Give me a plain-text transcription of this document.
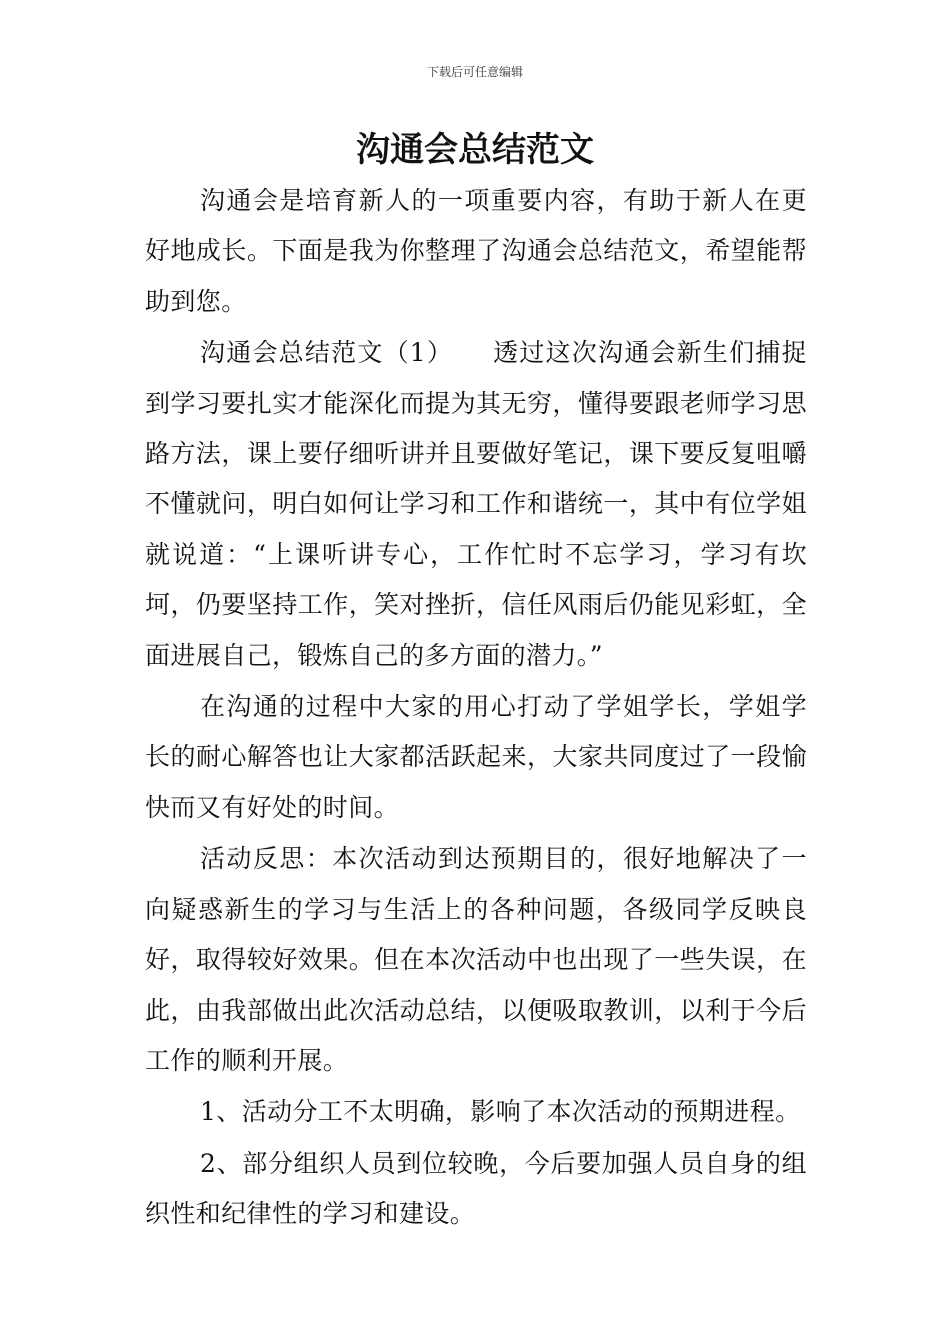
下载后可任意编辑
沟通会总结范文

沟通会是培育新人的一项重要内容，有助于新人在更好地成长。下面是我为你整理了沟通会总结范文，希望能帮助到您。

沟通会总结范文（1）　　透过这次沟通会新生们捕捉到学习要扎实才能深化而提为其无穷，懂得要跟老师学习思路方法，课上要仔细听讲并且要做好笔记，课下要反复咀嚼不懂就问，明白如何让学习和工作和谐统一，其中有位学姐就说道：“上课听讲专心，工作忙时不忘学习，学习有坎坷，仍要坚持工作，笑对挫折，信任风雨后仍能见彩虹，全面进展自己，锻炼自己的多方面的潜力。”

在沟通的过程中大家的用心打动了学姐学长，学姐学长的耐心解答也让大家都活跃起来，大家共同度过了一段愉快而又有好处的时间。

活动反思：本次活动到达预期目的，很好地解决了一向疑惑新生的学习与生活上的各种问题，各级同学反映良好，取得较好效果。但在本次活动中也出现了一些失误，在此，由我部做出此次活动总结，以便吸取教训，以利于今后工作的顺利开展。

1、活动分工不太明确，影响了本次活动的预期进程。

2、部分组织人员到位较晚，今后要加强人员自身的组织性和纪律性的学习和建设。
